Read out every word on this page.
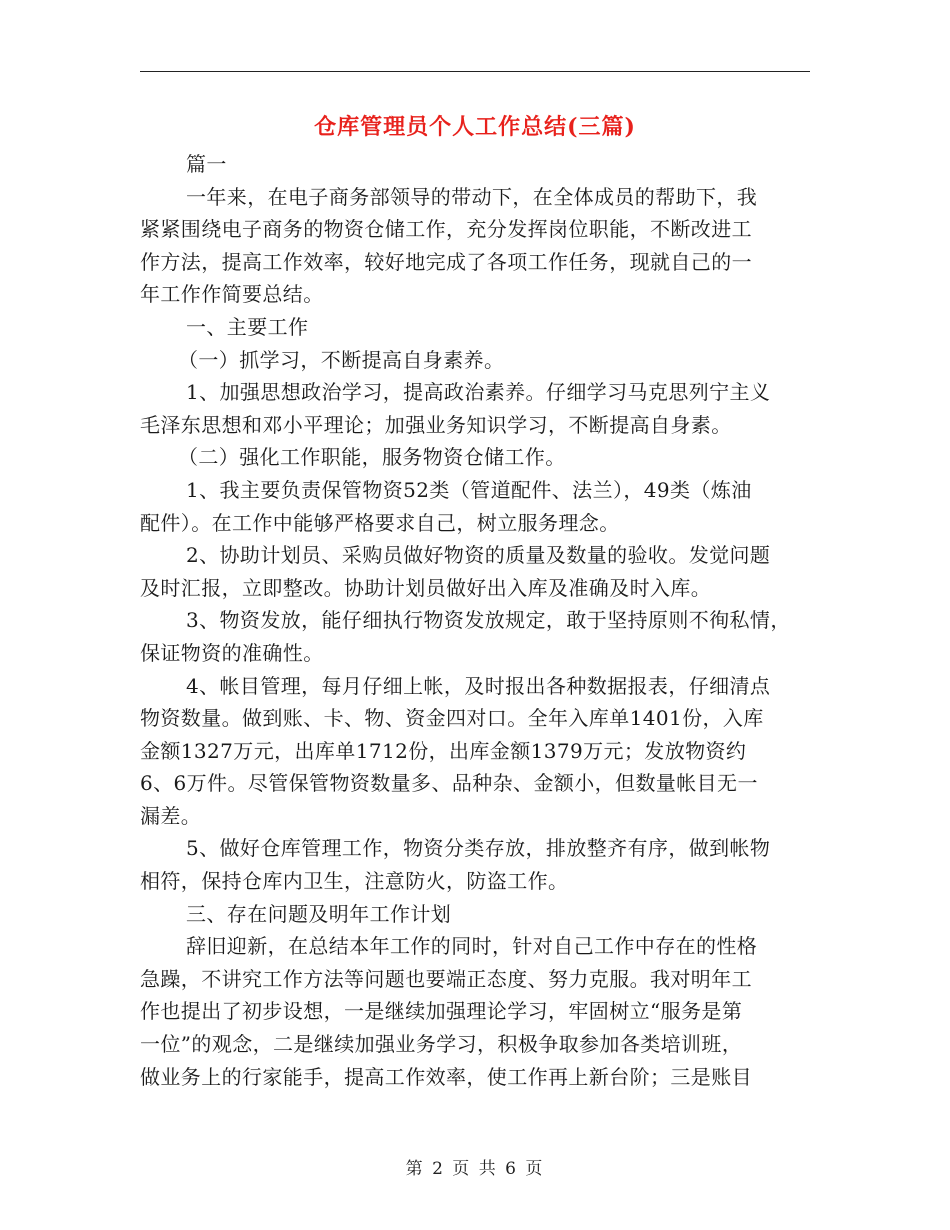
仓库管理员个人工作总结(三篇)
篇一
一年来，在电子商务部领导的带动下，在全体成员的帮助下，我
紧紧围绕电子商务的物资仓储工作，充分发挥岗位职能，不断改进工
作方法，提高工作效率，较好地完成了各项工作任务，现就自己的一
年工作作简要总结。
一、主要工作
（一）抓学习，不断提高自身素养。
1、加强思想政治学习，提高政治素养。仔细学习马克思列宁主义
毛泽东思想和邓小平理论；加强业务知识学习，不断提高自身素。
（二）强化工作职能，服务物资仓储工作。
1、我主要负责保管物资52类（管道配件、法兰），49类（炼油
配件）。在工作中能够严格要求自己，树立服务理念。
2、协助计划员、采购员做好物资的质量及数量的验收。发觉问题
及时汇报，立即整改。协助计划员做好出入库及准确及时入库。
3、物资发放，能仔细执行物资发放规定，敢于坚持原则不徇私情，
保证物资的准确性。
4、帐目管理，每月仔细上帐，及时报出各种数据报表，仔细清点
物资数量。做到账、卡、物、资金四对口。全年入库单1401份，入库
金额1327万元，出库单1712份，出库金额1379万元；发放物资约
6、6万件。尽管保管物资数量多、品种杂、金额小，但数量帐目无一
漏差。
5、做好仓库管理工作，物资分类存放，排放整齐有序，做到帐物
相符，保持仓库内卫生，注意防火，防盗工作。
三、存在问题及明年工作计划
辞旧迎新，在总结本年工作的同时，针对自己工作中存在的性格
急躁，不讲究工作方法等问题也要端正态度、努力克服。我对明年工
作也提出了初步设想，一是继续加强理论学习，牢固树立“服务是第
一位”的观念，二是继续加强业务学习，积极争取参加各类培训班，
做业务上的行家能手，提高工作效率，使工作再上新台阶；三是账目
第 2 页 共 6 页
